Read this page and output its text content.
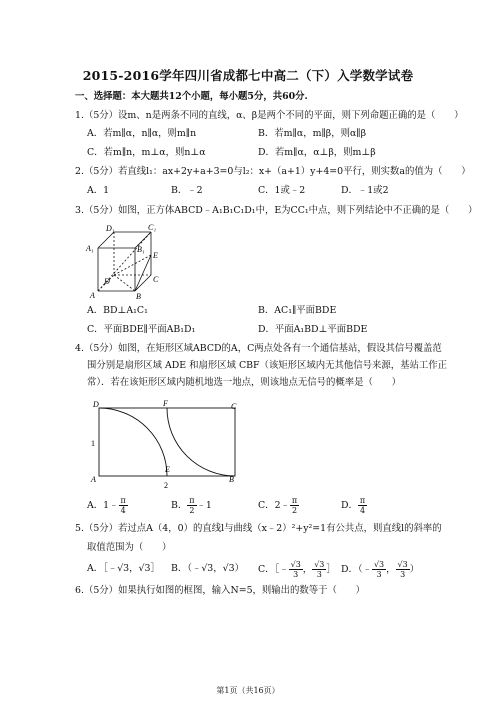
2015-2016学年四川省成都七中高二（下）入学数学试卷
一、选择题：本大题共12个小题，每小题5分，共60分.
1.（5分）设m、n是两条不同的直线，α、β是两个不同的平面，则下列命题正确的是（　　）
A．若m∥α，n∥α，则m∥n	B．若m∥α，m∥β，则α∥β
C．若m∥n，m⊥α，则n⊥α	D．若m∥α，α⊥β，则m⊥β
2.（5分）若直线l₁：ax+2y+a+3=0与l₂：x+（a+1）y+4=0平行，则实数a的值为（　　）
A．1	B．﹣2	C．1或﹣2	D．﹣1或2
3.（5分）如图，正方体ABCD﹣A₁B₁C₁D₁中，E为CC₁中点，则下列结论中不正确的是（　　）
D₁	C₁
A₁	B₁
E
D	C
A	B
A．BD⊥A₁C₁	B．AC₁∥平面BDE
C．平面BDE∥平面AB₁D₁	D．平面A₁BD⊥平面BDE
4.（5分）如图，在矩形区域ABCD的A，C两点处各有一个通信基站，假设其信号覆盖范
围分别是扇形区域 ADE 和扇形区域 CBF（该矩形区域内无其他信号来源，基站工作正
常）．若在该矩形区域内随机地选一地点，则该地点无信号的概率是（　　）
D	F	C
1
E
A	B
2
A．1﹣ $\frac{\pi}{4}$	B． $\frac{\pi}{2}$ ﹣1	C．2﹣ $\frac{\pi}{2}$	D． $\frac{\pi}{4}$
5.（5分）若过点A（4，0）的直线l与曲线（x﹣2）²+y²=1有公共点，则直线l的斜率的
取值范围为（　　）
A．［﹣√3，√3］ B．（﹣√3，√3） C．［﹣ $\frac{√3}{3}$ ， $\frac{√3}{3}$ ］ D．（﹣ $\frac{√3}{3}$ ， $\frac{√3}{3}$ ）
6.（5分）如果执行如图的框图，输入N=5，则输出的数等于（　　）
第1页（共16页）
